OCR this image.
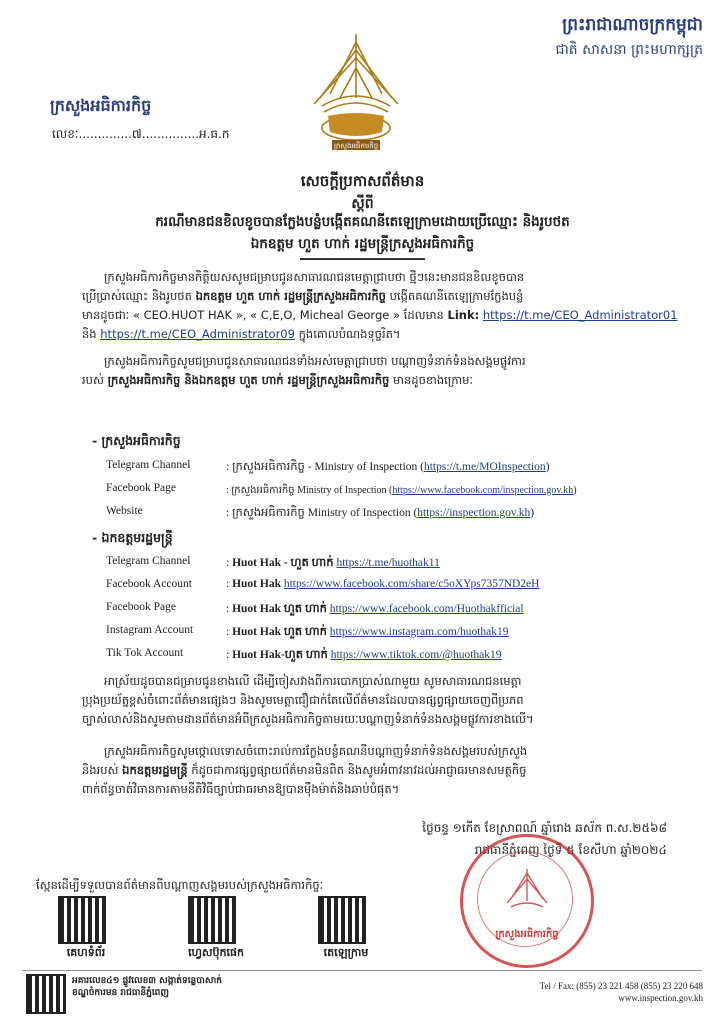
ព្រះរាជាណាចក្រកម្ពុជា
ជាតិ សាសនា ព្រះមហាក្សត្រ
ក្រសួងអធិការកិច្ច
ក្រសួងអធិការកិច្ច
លេខៈ..............៧...............អ.ធ.ក
សេចក្តីប្រកាសព័ត៌មាន
ស្តីពី
ករណីមានជនខិលខូចបានក្លែងបន្លំបង្កើតគណនីតេឡេក្រាមដោយប្រើឈ្មោះ និងរូបថត
ឯកឧត្តម ហួត ហាក់ រដ្ឋមន្ត្រីក្រសួងអធិការកិច្ច
ក្រសួងអធិការកិច្ចមានកិត្តិយសសូមជម្រាបជូនសាធារណជនមេត្តាជ្រាបថា ថ្មីៗនេះមានជនខិលខូចបាន
ប្រើប្រាស់ឈ្មោះ និងរូបថត ឯកឧត្តម ហួត ហាក់ រដ្ឋមន្ត្រីក្រសួងអធិការកិច្ច បង្កើតគណនីតេឡេក្រាមក្លែងបន្លំ
មានដូចជាៈ « CEO.HUOT HAK », « C,E,O, Micheal George » ដែលមាន Link: https://t.me/CEO_Administrator01
និង https://t.me/CEO_Administrator09 ក្នុងគោលបំណងទុច្ចរិត។
ក្រសួងអធិការកិច្ចសូមជម្រាបជូនសាធារណជនទាំងអស់មេត្តាជ្រាបថា បណ្តាញទំនាក់ទំនងសង្គមផ្លូវការ
របស់ ក្រសួងអធិការកិច្ច និងឯកឧត្តម ហួត ហាក់ រដ្ឋមន្ត្រីក្រសួងអធិការកិច្ច មានដូចខាងក្រោមៈ
- ក្រសួងអធិការកិច្ច
Telegram Channel	: ក្រសួងអធិការកិច្ច - Ministry of Inspection (https://t.me/MOInspection)
Facebook Page	: ក្រសួងអធិការកិច្ច Ministry of Inspection (https://www.facebook.com/inspection.gov.kh)
Website	: ក្រសួងអធិការកិច្ច Ministry of Inspection (https://inspection.gov.kh)
- ឯកឧត្តមរដ្ឋមន្ត្រី
Telegram Channel	: Huot Hak - ហួត ហាក់ https://t.me/huothak11
Facebook Account	: Huot Hak https://www.facebook.com/share/c5oXYps7357ND2eH
Facebook Page	: Huot Hak ហួត ហាក់ https://www.facebook.com/Huothakfficial
Instagram Account	: Huot Hak ហួត ហាក់ https://www.instagram.com/huothak19
Tik Tok Account	: Huot Hak-ហួត ហាក់ https://www.tiktok.com/@huothak19
អាស្រ័យដូចបានជម្រាបជូនខាងលើ ដើម្បីចៀសវាងពីការបោកប្រាស់ណាមួយ សូមសាធារណជនមេត្តា
ប្រុងប្រយ័ត្នខ្ពស់ចំពោះព័ត៌មានផ្សេងៗ និងសូមមេត្តាជឿជាក់តែលើព័ត៌មានដែលបានផ្សព្វផ្សាយចេញពីប្រភព
ច្បាស់លាស់និងសូមតាមដានព័ត៌មានអំពីក្រសួងអធិការកិច្ចតាមរយៈបណ្តាញទំនាក់ទំនងសង្គមផ្លូវការខាងលើ។
ក្រសួងអធិការកិច្ចសូមថ្កោលទោសចំពោះរាល់ការក្លែងបន្លំគណនីបណ្តាញទំនាក់ទំនងសង្គមរបស់ក្រសួង
និងរបស់ ឯកឧត្តមរដ្ឋមន្ត្រី ក៏ដូចជាការផ្សព្វផ្សាយព័ត៌មានមិនពិត និងសូមអំពាវនាវដល់អាជ្ញាធរមានសមត្ថកិច្ច
ពាក់ព័ន្ធចាត់វិធានការតាមនីតិវិធីច្បាប់ជាធរមានឱ្យបានម៉ឺងម៉ាត់និងឆាប់បំផុត។
ថ្ងៃចន្ទ ១កើត ខែស្រាពណ៍ ឆ្នាំរោង ឆស័ក ព.ស.២៥៦៨
រាជធានីភ្នំពេញ ថ្ងៃទី ៥ ខែសីហា ឆ្នាំ២០២៤
ក្រសួងអធិការកិច្ច
ស្កែនដើម្បីទទួលបានព័ត៌មានពីបណ្តាញសង្គមរបស់ក្រសួងអធិការកិច្ចៈ
គេហទំព័រ	ហ្វេសប៊ុកផេក	តេឡេក្រាម
អគារលេខ៤១ ផ្លូវលេខ៣ សង្កាត់ទន្លេបាសាក់
ខណ្ឌចំការមន រាជធានីភ្នំពេញ
Tel / Fax: (855) 23 221 458 (855) 23 220 648
www.inspection.gov.kh
